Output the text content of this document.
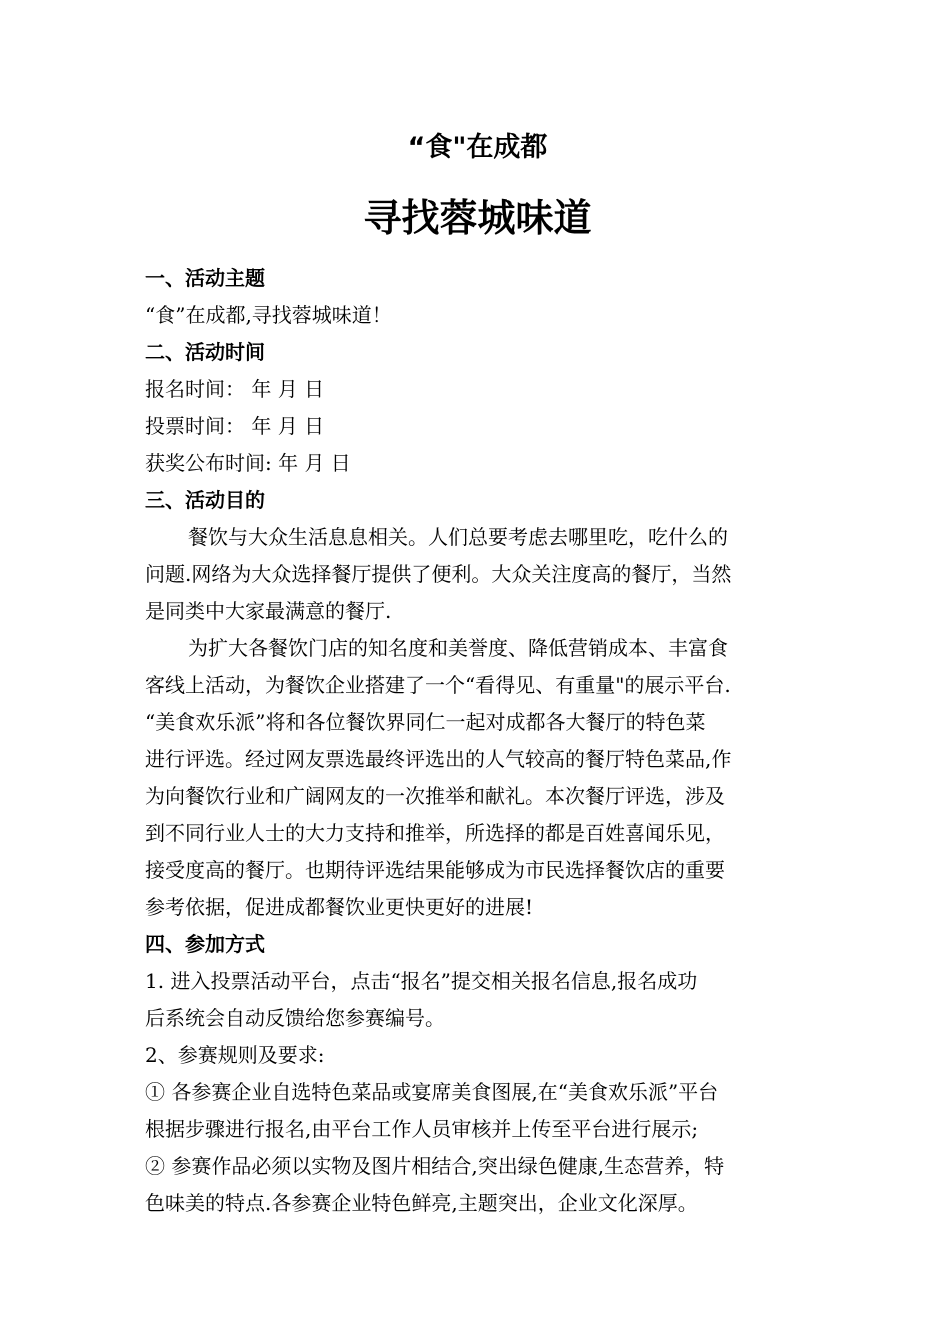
“食"在成都
寻找蓉城味道

一、活动主题

“食”在成都,寻找蓉城味道！

二、活动时间

报名时间： 年 月 日

投票时间： 年 月 日

获奖公布时间: 年 月 日

三、活动目的

餐饮与大众生活息息相关。人们总要考虑去哪里吃，吃什么的
问题.网络为大众选择餐厅提供了便利。大众关注度高的餐厅，当然
是同类中大家最满意的餐厅.

为扩大各餐饮门店的知名度和美誉度、降低营销成本、丰富食
客线上活动，为餐饮企业搭建了一个“看得见、有重量"的展示平台.
“美食欢乐派”将和各位餐饮界同仁一起对成都各大餐厅的特色菜
进行评选。经过网友票选最终评选出的人气较高的餐厅特色菜品,作
为向餐饮行业和广阔网友的一次推举和献礼。本次餐厅评选，涉及
到不同行业人士的大力支持和推举，所选择的都是百姓喜闻乐见，
接受度高的餐厅。也期待评选结果能够成为市民选择餐饮店的重要
参考依据，促进成都餐饮业更快更好的进展!

四、参加方式

1. 进入投票活动平台，点击“报名”提交相关报名信息,报名成功
后系统会自动反馈给您参赛编号。

2、参赛规则及要求:

① 各参赛企业自选特色菜品或宴席美食图展,在“美食欢乐派”平台
根据步骤进行报名,由平台工作人员审核并上传至平台进行展示;

② 参赛作品必须以实物及图片相结合,突出绿色健康,生态营养，特
色味美的特点.各参赛企业特色鲜亮,主题突出，企业文化深厚。
